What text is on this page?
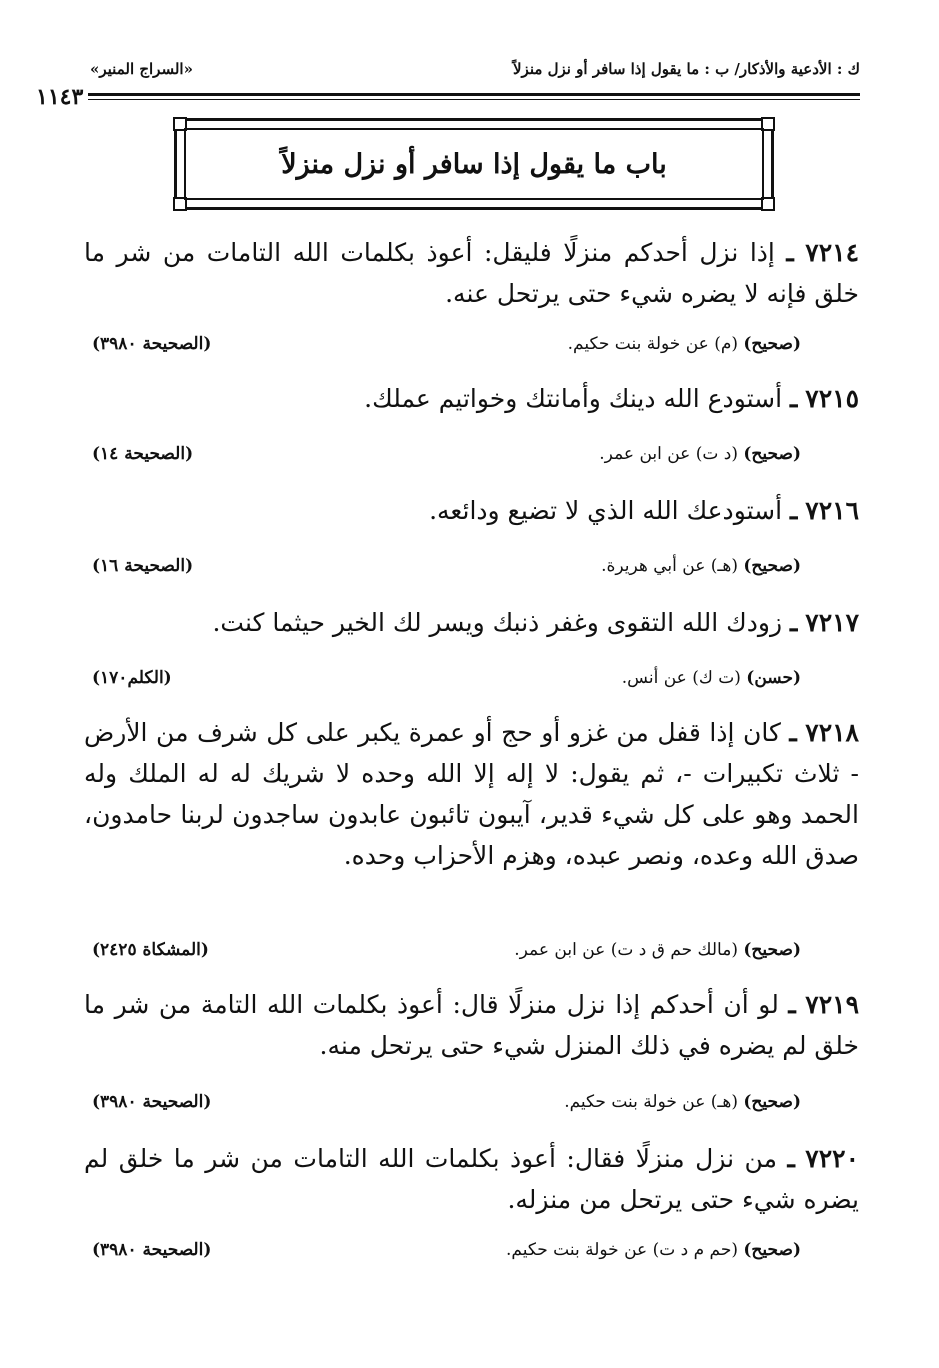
ك : الأدعية والأذكار/ ب : ما يقول إذا سافر أو نزل منزلاً
«السراج المنير»
١١٤٣
باب ما يقول إذا سافر أو نزل منزلاً
٧٢١٤ ـ إذا نزل أحدكم منزلًا فليقل: أعوذ بكلمات الله التامات من شر ما خلق فإنه لا يضره شيء حتى يرتحل عنه.
(صحيح) (م) عن خولة بنت حكيم.
(الصحيحة ٣٩٨٠)
٧٢١٥ ـ أستودع الله دينك وأمانتك وخواتيم عملك.
(صحيح) (د ت) عن ابن عمر.
(الصحيحة ١٤)
٧٢١٦ ـ أستودعك الله الذي لا تضيع ودائعه.
(صحيح) (هـ) عن أبي هريرة.
(الصحيحة ١٦)
٧٢١٧ ـ زودك الله التقوى وغفر ذنبك ويسر لك الخير حيثما كنت.
(حسن) (ت ك) عن أنس.
(الكلم١٧٠)
٧٢١٨ ـ كان إذا قفل من غزو أو حج أو عمرة يكبر على كل شرف من الأرض - ثلاث تكبيرات -، ثم يقول: لا إله إلا الله وحده لا شريك له له الملك وله الحمد وهو على كل شيء قدير، آيبون تائبون عابدون ساجدون لربنا حامدون، صدق الله وعده، ونصر عبده، وهزم الأحزاب وحده.
(صحيح) (مالك حم ق د ت) عن ابن عمر.
(المشكاة ٢٤٢٥)
٧٢١٩ ـ لو أن أحدكم إذا نزل منزلًا قال: أعوذ بكلمات الله التامة من شر ما خلق لم يضره في ذلك المنزل شيء حتى يرتحل منه.
(صحيح) (هـ) عن خولة بنت حكيم.
(الصحيحة ٣٩٨٠)
٧٢٢٠ ـ من نزل منزلًا فقال: أعوذ بكلمات الله التامات من شر ما خلق لم يضره شيء حتى يرتحل من منزله.
(صحيح) (حم م د ت) عن خولة بنت حكيم.
(الصحيحة ٣٩٨٠)
